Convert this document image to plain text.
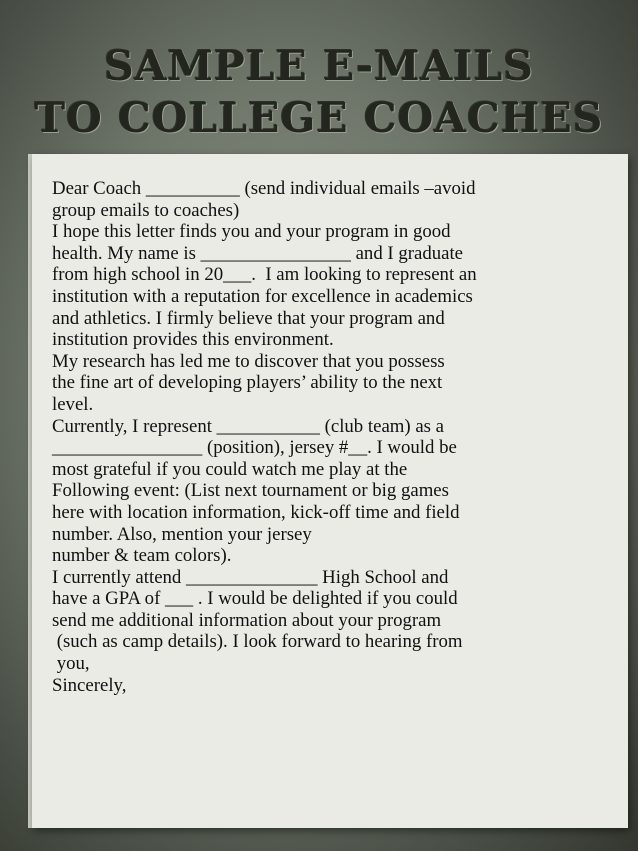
SAMPLE E-MAILS
TO COLLEGE COACHES
Dear Coach __________ (send individual emails –avoid
group emails to coaches)
I hope this letter finds you and your program in good
health. My name is ________________ and I graduate
from high school in 20___.  I am looking to represent an
institution with a reputation for excellence in academics
and athletics. I firmly believe that your program and
institution provides this environment.
My research has led me to discover that you possess
the fine art of developing players’ ability to the next
level.
Currently, I represent ___________ (club team) as a
________________ (position), jersey #__. I would be
most grateful if you could watch me play at the
Following event: (List next tournament or big games
here with location information, kick-off time and field
number. Also, mention your jersey
number & team colors).
I currently attend ______________ High School and
have a GPA of ___ . I would be delighted if you could
send me additional information about your program
(such as camp details). I look forward to hearing from
you,
Sincerely,
